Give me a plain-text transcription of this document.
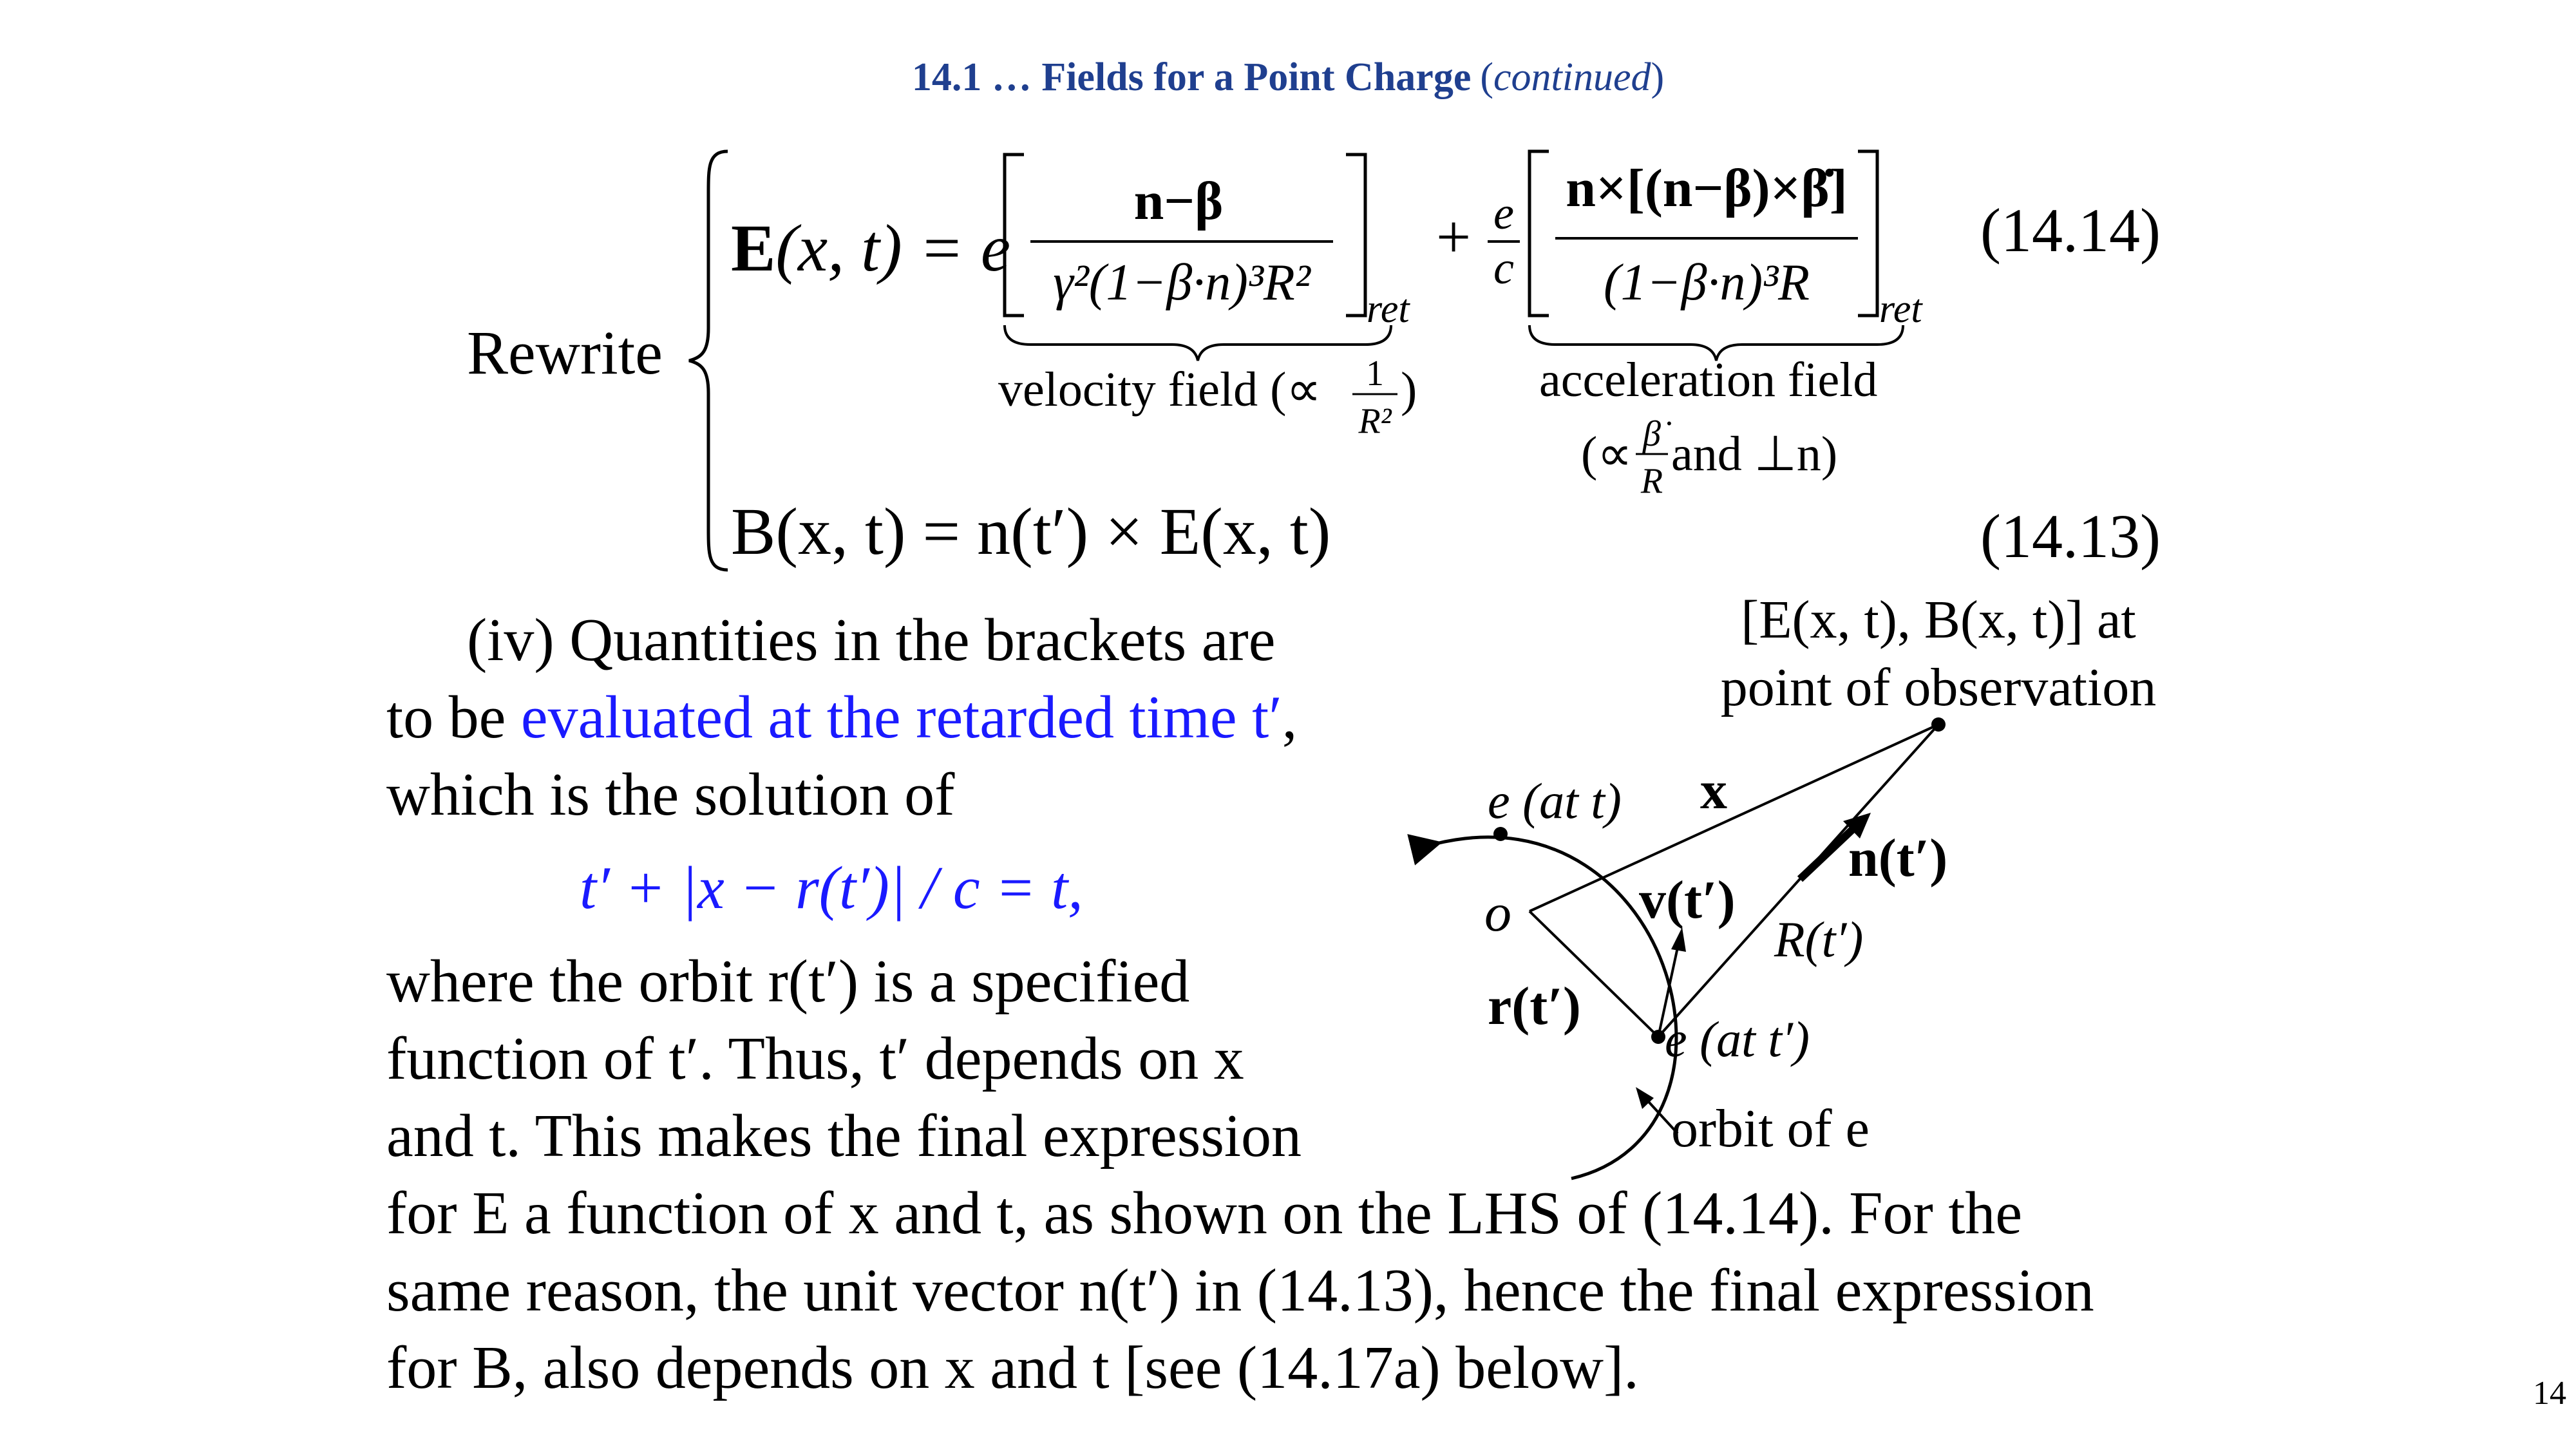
14.1 … Fields for a Point Charge (continued)
Rewrite
E(x, t) = e
n−β
γ²(1−β·n)³R² ret
+ e
c
n×[(n−β)×β̇]
(1−β·n)³R ret
(14.14)
velocity field (∝ 1
R²
) acceleration field
(∝ β̇
R and ⊥n)
B(x, t) = n(t′) × E(x, t)	(14.13)
(iv) Quantities in the brackets are
to be evaluated at the retarded time t′,
which is the solution of
t′ + |x − r(t′)| / c = t,
where the orbit r(t′) is a specified
function of t′. Thus, t′ depends on x
and t. This makes the final expression
for E a function of x and t, as shown on the LHS of (14.14). For the
same reason, the unit vector n(t′) in (14.13), hence the final expression
for B, also depends on x and t [see (14.17a) below].
[E(x, t), B(x, t)] at
point of observation
e (at t) x
n(t′)
o v(t′)
R(t′)
r(t′)
e (at t′)
orbit of e
14
